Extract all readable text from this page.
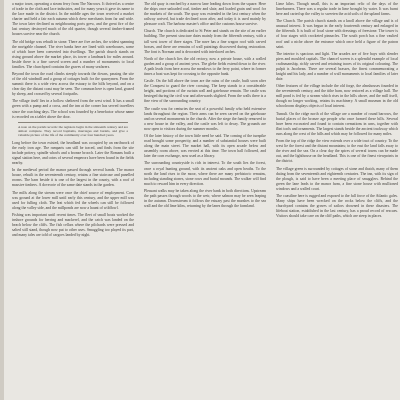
a major town, operating a steam ferry from The Narrows. It thrived as a centre of trade in the cloth and lace industries, and for many years it gave its name to the lace made in the district. In the middle ages the town received a market charter and held a fair each autumn which drew merchants from far and wide. The town later declined as neighbouring ports grew, and the great fire of the last century destroyed much of the old quarter, though several timber-framed houses survive near the church.

The old bridge was rebuilt in stone. There are five arches, the widest spanning the navigable channel. The river banks here are lined with warehouses, some of which have been converted into dwellings. The parish church stands on rising ground above the market place, its tower a landmark for miles around. Inside there is a fine carved screen and a number of monuments to local families. The churchyard contains the graves of many seafarers.

Beyond the town the road climbs steeply towards the downs, passing the site of the old windmill and a group of cottages built for the quarrymen. From the summit there is a wide view across the estuary to the hills beyond, and on a clear day the distant coast may be seen. The common here is open land, grazed by sheep, and crossed by several footpaths.

The village itself lies in a hollow sheltered from the west wind. It has a small green with a pump and a cross, and the inn at the corner has served travellers since the coaching days. The school was founded by a benefactor whose name is recorded on a tablet above the door.

A note on the parish records: the registers begin in the sixteenth century and are almost complete. They record baptisms, marriages and burials, and give a valuable picture of the life of the community over four hundred years.

Long before the town existed, the headland was occupied by an earthwork of the early iron age. The ramparts can still be traced, and finds from the site include pottery, spindle whorls and a bronze brooch. Later the Romans built a signal station here, and coins of several emperors have been found in the fields nearby.

In the medieval period the manor passed through several hands. The manor house, rebuilt in the seventeenth century, retains a fine staircase and panelled rooms. The barn beside it is one of the largest in the county, with a roof of massive timbers. A dovecote of the same date stands in the garden.

The mills along the stream were once the chief source of employment. Corn was ground at the lower mill until early this century, and the upper mill was used for fulling cloth. The leat which fed the wheels can still be followed along the valley side, and the millponds are now a haunt of wildfowl.

Fishing was important until recent times. The fleet of small boats worked the inshore grounds for herring and mackerel, and the catch was landed on the beach below the cliffs. The fish cellars where the pilchards were pressed and salted still stand, though now put to other uses. Smuggling too played its part, and many tales are told of cargoes landed by night.

The old quay is reached by a narrow lane leading down from the square. Here the ships once unloaded coal, timber and slate, and loaded grain and wool for the markets of the south. The quay was extended in the last century when the railway arrived, but trade declined soon after, and today it is used mainly by pleasure craft. The harbour master's office and the customs house survive.

Church. The church is dedicated to St Peter and stands on the site of an earlier building. The present structure dates mainly from the fifteenth century, with a tall west tower of three stages. The nave has a fine wagon roof with carved bosses, and there are remains of wall paintings discovered during restoration. The font is Norman and is decorated with interlaced arches.

North of the church lies the old rectory, now a private house, with a walled garden and a group of ancient yews. The glebe fields extend down to the river. A path leads from here across the meadows to the ferry point, where in former times a boat was kept for crossing to the opposite bank.

Castle. On the hill above the town are the ruins of the castle, built soon after the Conquest to guard the river crossing. The keep stands to a considerable height, and portions of the curtain wall and gatehouse remain. The castle was besieged during the civil war and afterwards slighted. From the walls there is a fine view of the surrounding country.

The castle was for centuries the seat of a powerful family who held extensive lands throughout the region. Their arms can be seen carved on the gatehouse and on several monuments in the church. After the siege the family removed to a new house in the valley, and the castle was left to decay. The grounds are now open to visitors during the summer months.

Of the later history of the town little need be said. The coming of the turnpike road brought some prosperity, and a number of substantial houses were built along the main street. The market hall, with its open arcade below and assembly room above, was erected at this time. The town hall followed, and later the corn exchange, now used as a library.

The surrounding countryside is rich in interest. To the south lies the forest, once a royal hunting ground, with its ancient oaks and open heaths. To the north the land rises to the moor, where there are many prehistoric remains, including standing stones, stone rows and burial mounds. The walker will find much to reward him in every direction.

Pleasant walks may be taken along the river bank in both directions. Upstream the path passes through woods to the weir, where salmon may be seen leaping in the autumn. Downstream it follows the estuary past the marshes to the sea wall and the old lime kilns, returning by the lanes through the farmland.

Lime kilns. Though small, this is an important relic of the days of the limeburners. There was a regular trade in lime brought by water. It was burnt here and carted up the valley to sweeten the acid soils of the upland farms.

The Church. The parish church stands on a knoll above the village and is of unusual interest. It was begun in the early fourteenth century and enlarged in the fifteenth. It is built of local stone with dressings of freestone. The tower is of four stages with crocketed pinnacles. The south porch has a fine vaulted roof and a niche above the entrance which once held a figure of the patron saint.

The interior is spacious and light. The arcades are of five bays with slender piers and moulded capitals. The chancel screen is a splendid example of local craftsmanship, richly carved and retaining traces of its original colouring. The pulpit is Jacobean. There are several brasses, the finest commemorating a knight and his lady, and a number of wall monuments to local families of later date.

Other features of the village include the old forge, the almshouses founded in the seventeenth century, and the tithe barn, now restored as a village hall. The mill pond is fed by a stream which rises in the hills above, and the mill itself, though no longer working, retains its machinery. A small museum in the old schoolroom displays objects of local interest.

Tumuli. On the ridge north of the village are a number of round barrows, the burial places of the bronze age people who once farmed these hills. Several have been excavated and found to contain cremations in urns, together with flint tools and ornaments. The largest stands beside the ancient trackway which runs along the crest of the hills and which may be followed for many miles.

From the top of the ridge the view extends over a wide tract of country. To the west lie the forest and the distant mountains; to the east the land falls away to the river and the sea. On a clear day the spires of several towns can be made out, and the lighthouse on the headland. This is one of the finest viewpoints in the district.

The village green is surrounded by cottages of stone and thatch, many of them dating from the seventeenth and eighteenth centuries. The inn, with its sign of the plough, is said to have been a meeting place of smugglers. Behind the green the lane leads to the manor farm, a fine stone house with mullioned windows and a walled court.

The coastline here is rugged and exposed to the full force of the Atlantic gales. Many ships have been wrecked on the rocks below the cliffs, and the churchyard contains the graves of sailors drowned in these disasters. The lifeboat station, established in the last century, has a proud record of rescues. Visitors should take care on the cliff paths, which are steep in places.
